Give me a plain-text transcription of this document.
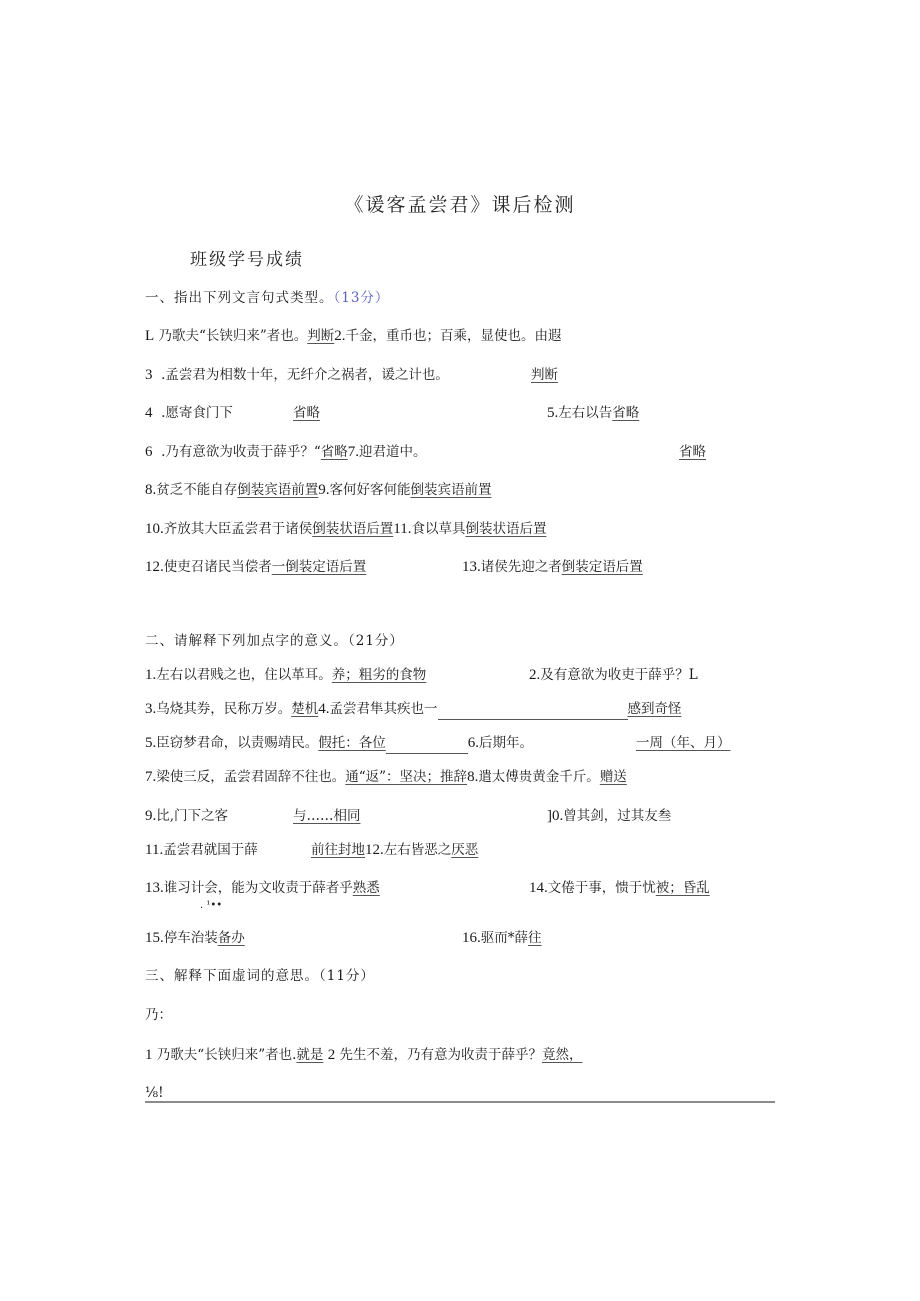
《谖客孟尝君》课后检测
班级学号成绩
一、指出下列文言句式类型。（13分）
L 乃歌夫“长铗归来”者也。判断2.千金，重币也；百乘，显使也。由遐
3 .孟尝君为相数十年，无纤介之祸者，谖之计也。	判断
4 .愿寄食门下	省略	5.左右以告省略
6 .乃有意欲为收责于薛乎？“省略7.迎君道中。	省略
8.贫乏不能自存倒装宾语前置9.客何好客何能倒装宾语前置
10.齐放其大臣孟尝君于诸侯倒装状语后置11.食以草具倒装状语后置
12.使吏召诸民当偿者一倒装定语后置	13.诸侯先迎之者倒装定语后置
二、请解释下列加点字的意义。（21分）
1.左右以君贱之也，住以革耳。养；粗劣的食物	2.及有意欲为收吏于薛乎？L
3.乌烧其券，民称万岁。楚机4.孟尝君隼其疾也一	感到奇怪
5.臣窃梦君命，以责赐靖民。假托：各位	6.后期年。	一周（年、月）
7.梁使三反，孟尝君固辞不往也。通“返”：坚决；推辞8.遣太傅贵黄金千斤。赠送
9.比,门下之客	与……相同	]0.曾其剑，过其友叁
11.孟尝君就国于薛	前往封地12.左右皆恶之厌恶
13.谁习计会，能为文收责于薛者乎熟悉
. ¹••
14.文倦于事，愦于忧被；昏乱
15.停车治装备办	16.驱而*薛往
三、解释下面虚词的意思。（11分）
乃：
1 乃歌夫“长铗归来”者也.就是 2 先生不羞，乃有意为收责于薛乎？竟然，
⅛!
